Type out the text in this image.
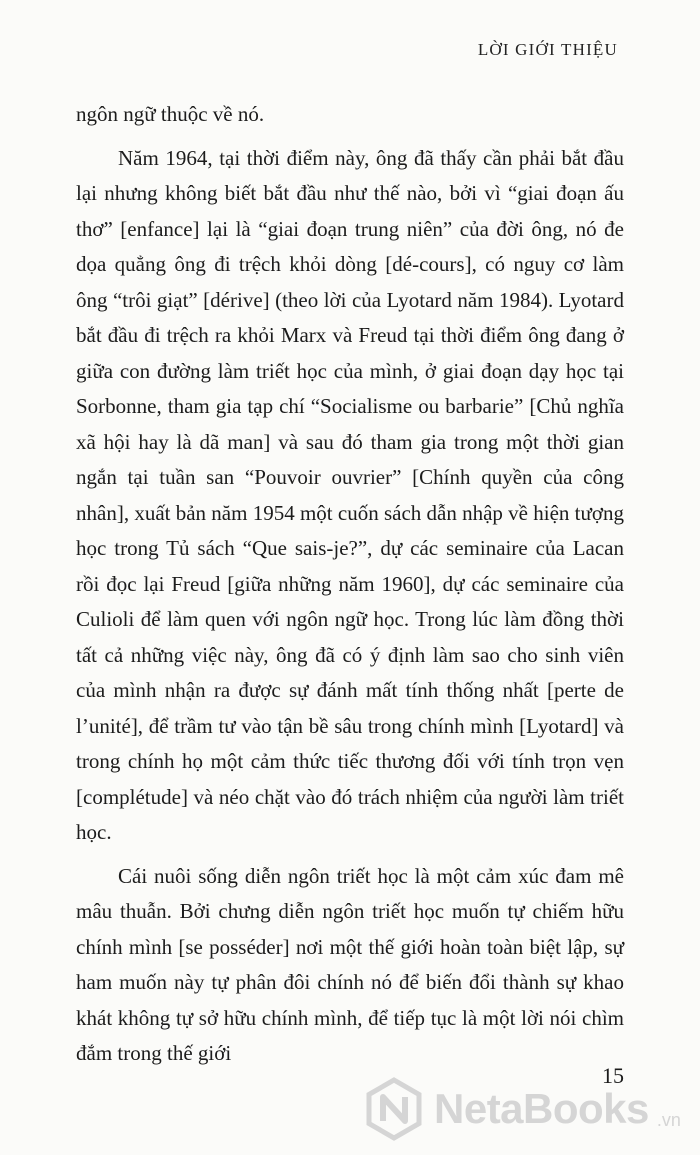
LỜI GIỚI THIỆU

ngôn ngữ thuộc về nó.

Năm 1964, tại thời điểm này, ông đã thấy cần phải bắt đầu lại nhưng không biết bắt đầu như thế nào, bởi vì “giai đoạn ấu thơ” [enfance] lại là “giai đoạn trung niên” của đời ông, nó đe dọa quẳng ông đi trệch khỏi dòng [dé-cours], có nguy cơ làm ông “trôi giạt” [dérive] (theo lời của Lyotard năm 1984). Lyotard bắt đầu đi trệch ra khỏi Marx và Freud tại thời điểm ông đang ở giữa con đường làm triết học của mình, ở giai đoạn dạy học tại Sorbonne, tham gia tạp chí “Socialisme ou barbarie” [Chủ nghĩa xã hội hay là dã man] và sau đó tham gia trong một thời gian ngắn tại tuần san “Pouvoir ouvrier” [Chính quyền của công nhân], xuất bản năm 1954 một cuốn sách dẫn nhập về hiện tượng học trong Tủ sách “Que sais-je?”, dự các seminaire của Lacan rồi đọc lại Freud [giữa những năm 1960], dự các seminaire của Culioli để làm quen với ngôn ngữ học. Trong lúc làm đồng thời tất cả những việc này, ông đã có ý định làm sao cho sinh viên của mình nhận ra được sự đánh mất tính thống nhất [perte de l’unité], để trầm tư vào tận bề sâu trong chính mình [Lyotard] và trong chính họ một cảm thức tiếc thương đối với tính trọn vẹn [complétude] và néo chặt vào đó trách nhiệm của người làm triết học.

Cái nuôi sống diễn ngôn triết học là một cảm xúc đam mê mâu thuẫn. Bởi chưng diễn ngôn triết học muốn tự chiếm hữu chính mình [se posséder] nơi một thế giới hoàn toàn biệt lập, sự ham muốn này tự phân đôi chính nó để biến đổi thành sự khao khát không tự sở hữu chính mình, để tiếp tục là một lời nói chìm đắm trong thế giới

15
NetaBooks .vn
